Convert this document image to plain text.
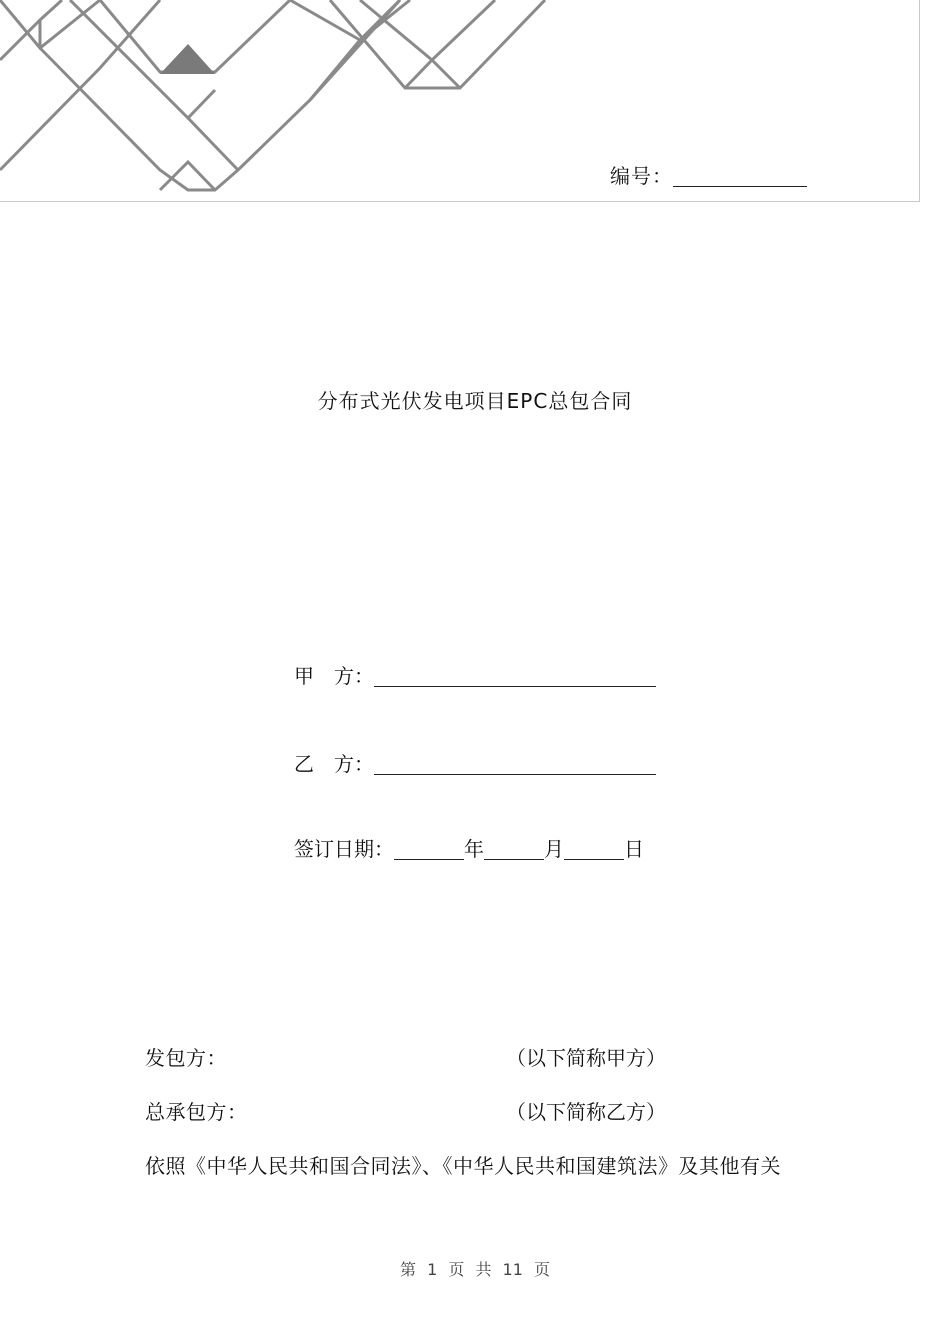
编号：
分布式光伏发电项目EPC总包合同
甲　方：
乙　方：
签订日期：	年	月	日
发包方：	（以下简称甲方）
总承包方：	（以下简称乙方）
依照《中华人民共和国合同法》、《中华人民共和国建筑法》及其他有关
第 1 页 共 11 页
